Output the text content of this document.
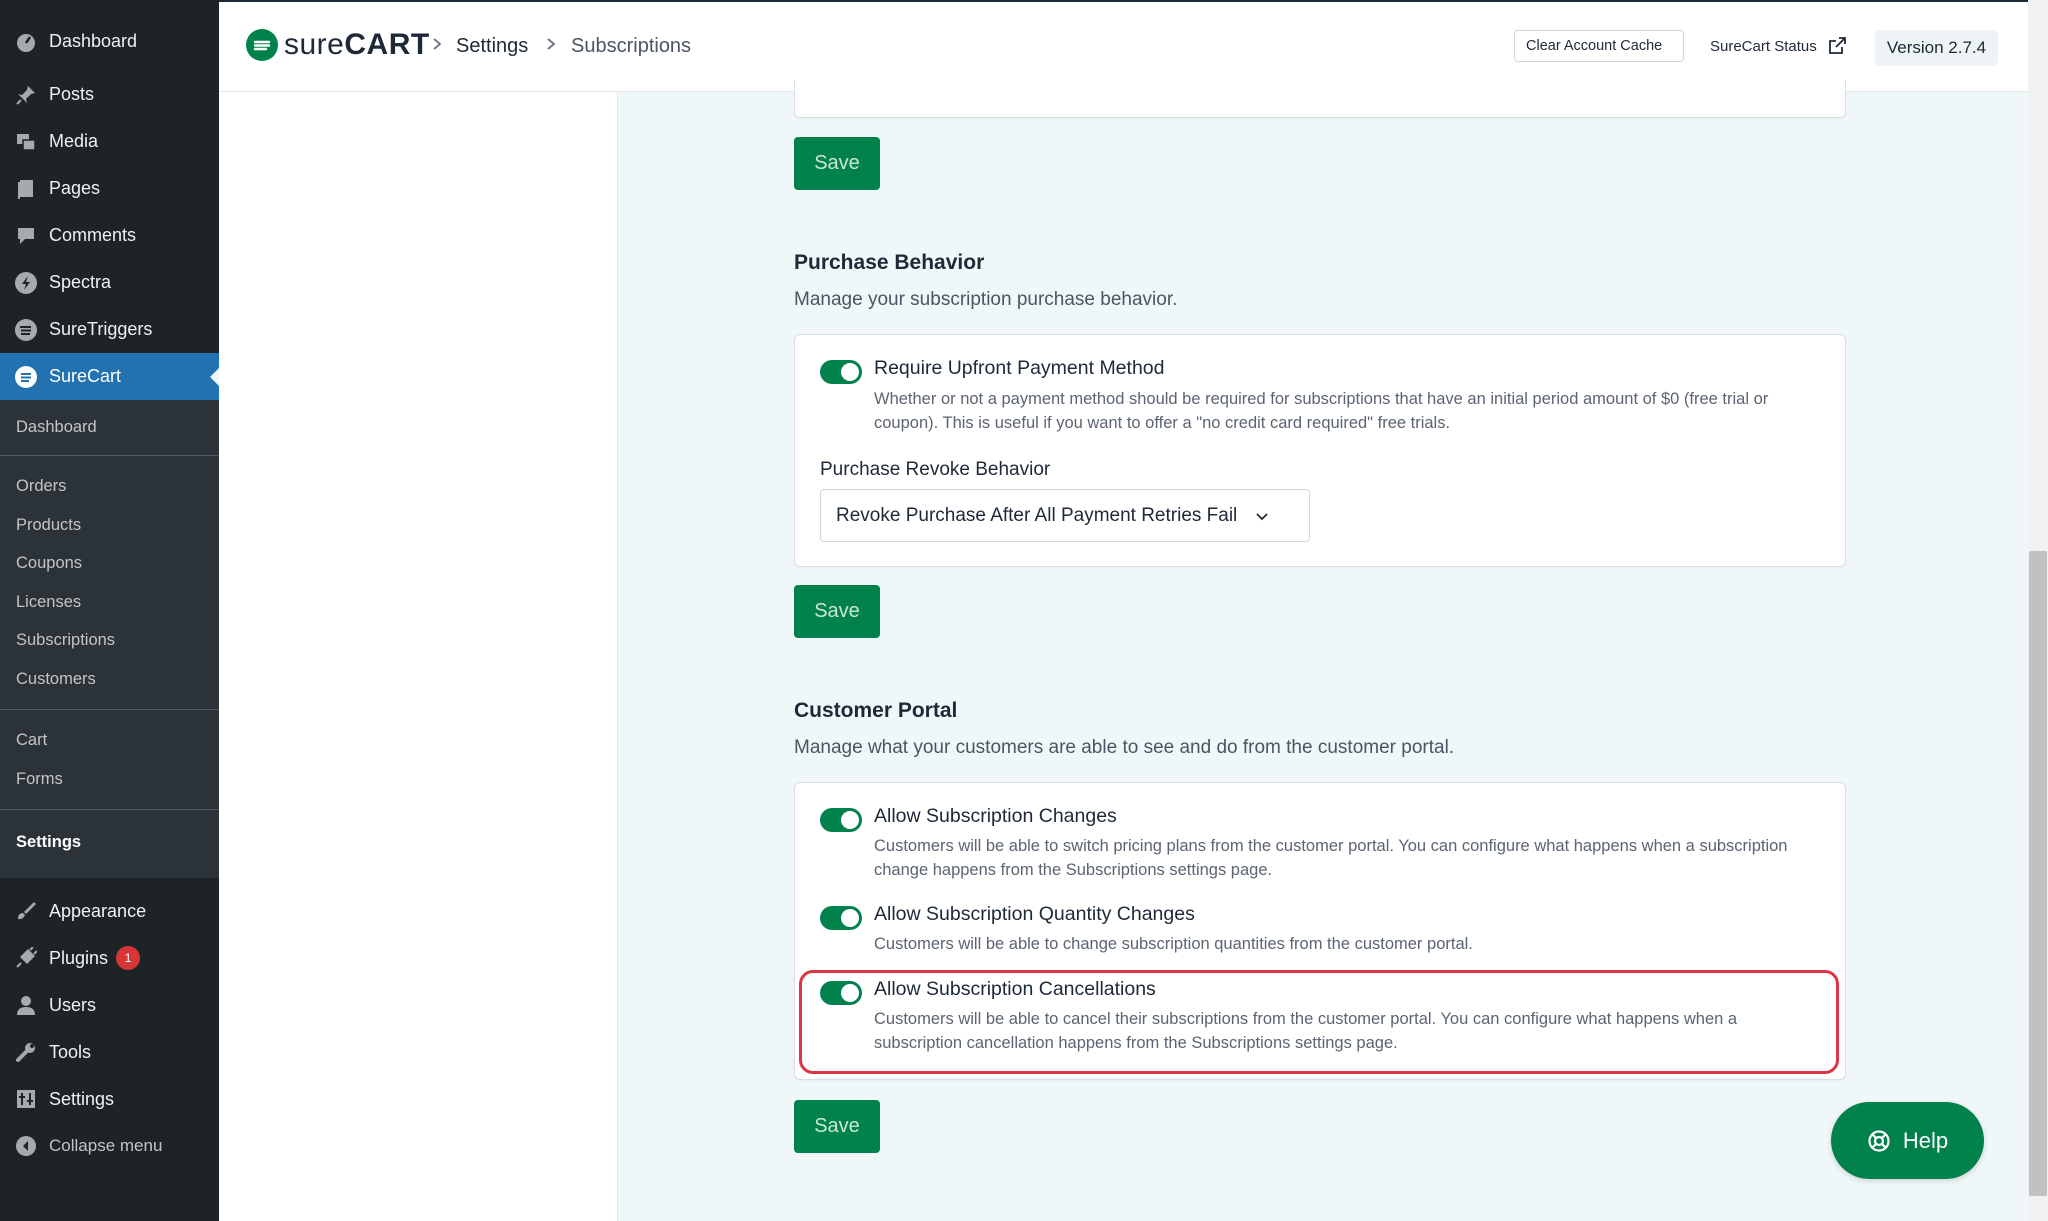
Dashboard
Posts
Media
Pages
Comments
Spectra
SureTriggers
SureCart
Dashboard
Orders
Products
Coupons
Licenses
Subscriptions
Customers
Cart
Forms
Settings
Appearance
Plugins	1
Users
Tools
Settings
Collapse menu
sureCART Settings Subscriptions	Clear Account Cache	SureCart Status	Version 2.7.4
Save
Purchase Behavior
Manage your subscription purchase behavior.
Require Upfront Payment Method
Whether or not a payment method should be required for subscriptions that have an initial period amount of $0 (free trial or coupon). This is useful if you want to offer a "no credit card required" free trials.
Purchase Revoke Behavior
Revoke Purchase After All Payment Retries Fail
Save
Customer Portal
Manage what your customers are able to see and do from the customer portal.
Allow Subscription Changes
Customers will be able to switch pricing plans from the customer portal. You can configure what happens when a subscription change happens from the Subscriptions settings page.
Allow Subscription Quantity Changes
Customers will be able to change subscription quantities from the customer portal.
Allow Subscription Cancellations
Customers will be able to cancel their subscriptions from the customer portal. You can configure what happens when a subscription cancellation happens from the Subscriptions settings page.
Save
Help
